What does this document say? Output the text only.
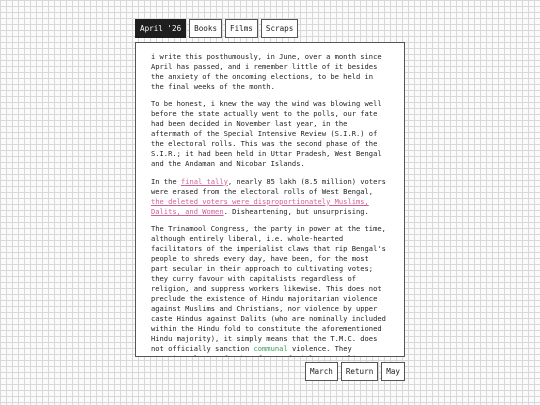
April '26	Books	Films	Scraps

i write this posthumously, in June, over a month since April has passed, and i remember little of it besides the anxiety of the oncoming elections, to be held in the final weeks of the month.

To be honest, i knew the way the wind was blowing well before the state actually went to the polls, our fate had been decided in November last year, in the aftermath of the Special Intensive Review (S.I.R.) of the electoral rolls. This was the second phase of the S.I.R.; it had been held in Uttar Pradesh, West Bengal and the Andaman and Nicobar Islands.

In the final tally, nearly 85 lakh (8.5 million) voters were erased from the electoral rolls of West Bengal, the deleted voters were disproportionately Muslims, Dalits, and Women. Disheartening, but unsurprising.

The Trinamool Congress, the party in power at the time, although entirely liberal, i.e. whole-hearted facilitators of the imperialist claws that rip Bengal's people to shreds every day, have been, for the most part secular in their approach to cultivating votes; they curry favour with capitalists regardless of religion, and suppress workers likewise. This does not preclude the existence of Hindu majoritarian violence against Muslims and Christians, nor violence by upper caste Hindus against Dalits (who are nominally included within the Hindu fold to constitute the aforementioned Hindu majority), it simply means that the T.M.C. does not officially sanction communal violence. They

March	Return	May
